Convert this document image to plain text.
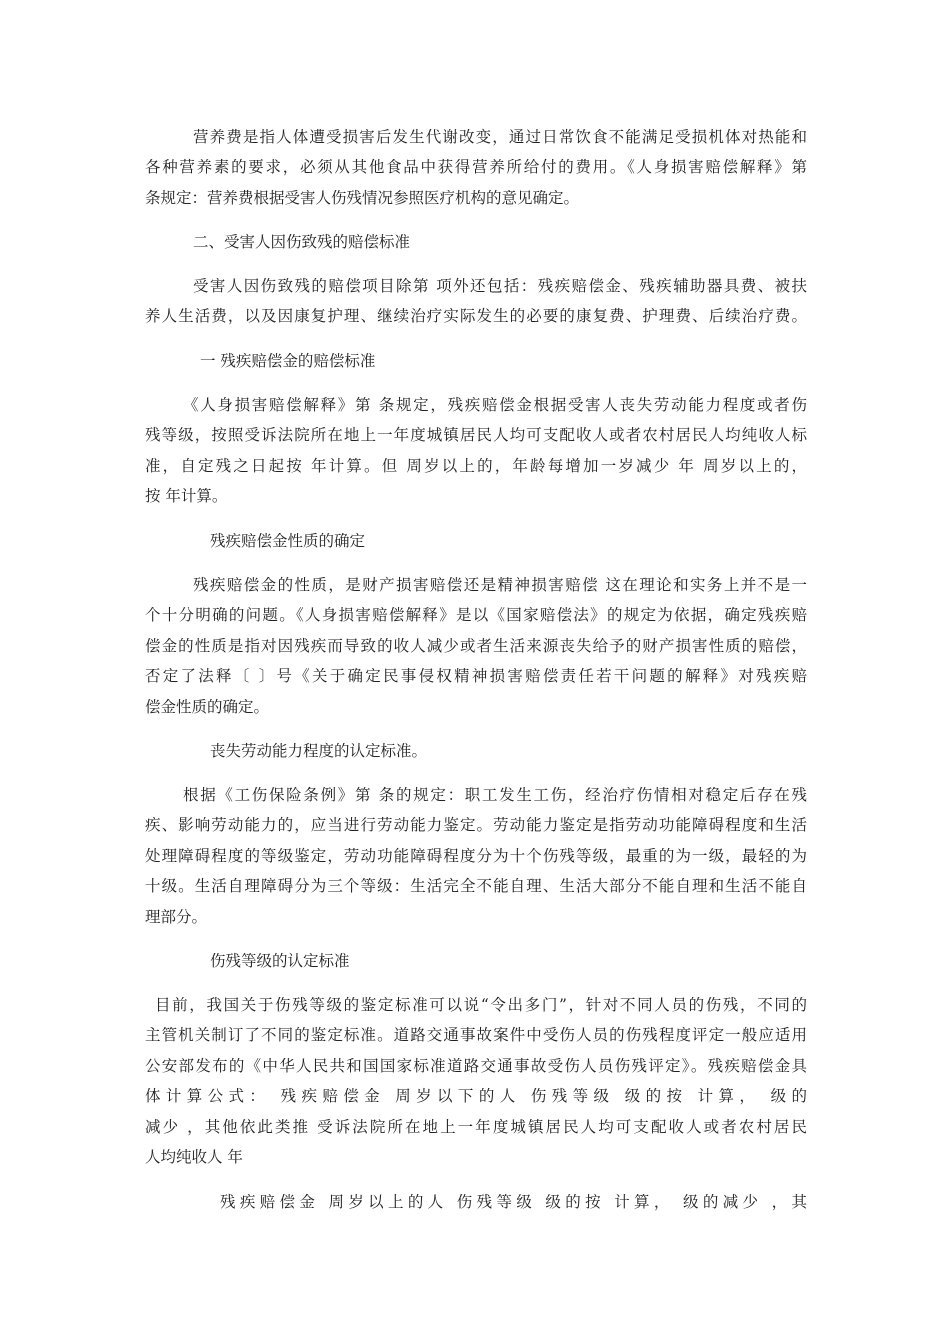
营养费是指人体遭受损害后发生代谢改变，通过日常饮食不能满足受损机体对热能和
各种营养素的要求，必须从其他食品中获得营养所给付的费用。《人身损害赔偿解释》第
条规定：营养费根据受害人伤残情况参照医疗机构的意见确定。
二、受害人因伤致残的赔偿标准
受害人因伤致残的赔偿项目除第 项外还包括：残疾赔偿金、残疾辅助器具费、被扶
养人生活费，以及因康复护理、继续治疗实际发生的必要的康复费、护理费、后续治疗费。
一 残疾赔偿金的赔偿标准
《人身损害赔偿解释》第 条规定，残疾赔偿金根据受害人丧失劳动能力程度或者伤
残等级，按照受诉法院所在地上一年度城镇居民人均可支配收人或者农村居民人均纯收人标
准，自定残之日起按 年计算。但 周岁以上的，年龄每增加一岁减少 年 周岁以上的，
按 年计算。
残疾赔偿金性质的确定
残疾赔偿金的性质，是财产损害赔偿还是精神损害赔偿 这在理论和实务上并不是一
个十分明确的问题。《人身损害赔偿解释》是以《国家赔偿法》的规定为依据，确定残疾赔
偿金的性质是指对因残疾而导致的收人减少或者生活来源丧失给予的财产损害性质的赔偿，
否定了法释〔 〕号《关于确定民事侵权精神损害赔偿责任若干问题的解释》对残疾赔
偿金性质的确定。
丧失劳动能力程度的认定标准。
根据《工伤保险条例》第 条的规定：职工发生工伤，经治疗伤情相对稳定后存在残
疾、影响劳动能力的，应当进行劳动能力鉴定。劳动能力鉴定是指劳动功能障碍程度和生活
处理障碍程度的等级鉴定，劳动功能障碍程度分为十个伤残等级，最重的为一级，最轻的为
十级。生活自理障碍分为三个等级：生活完全不能自理、生活大部分不能自理和生活不能自
理部分。
伤残等级的认定标准
目前，我国关于伤残等级的鉴定标准可以说“令出多门”，针对不同人员的伤残，不同的
主管机关制订了不同的鉴定标准。道路交通事故案件中受伤人员的伤残程度评定一般应适用
公安部发布的《中华人民共和国国家标准道路交通事故受伤人员伤残评定》。残疾赔偿金具
体计算公式： 残疾赔偿金 周岁以下的人 伤残等级 级的按 计算， 级的
减少 ，其他依此类推 受诉法院所在地上一年度城镇居民人均可支配收人或者农村居民
人均纯收人 年
残疾赔偿金 周岁以上的人 伤残等级 级的按 计算， 级的减少 ，其
